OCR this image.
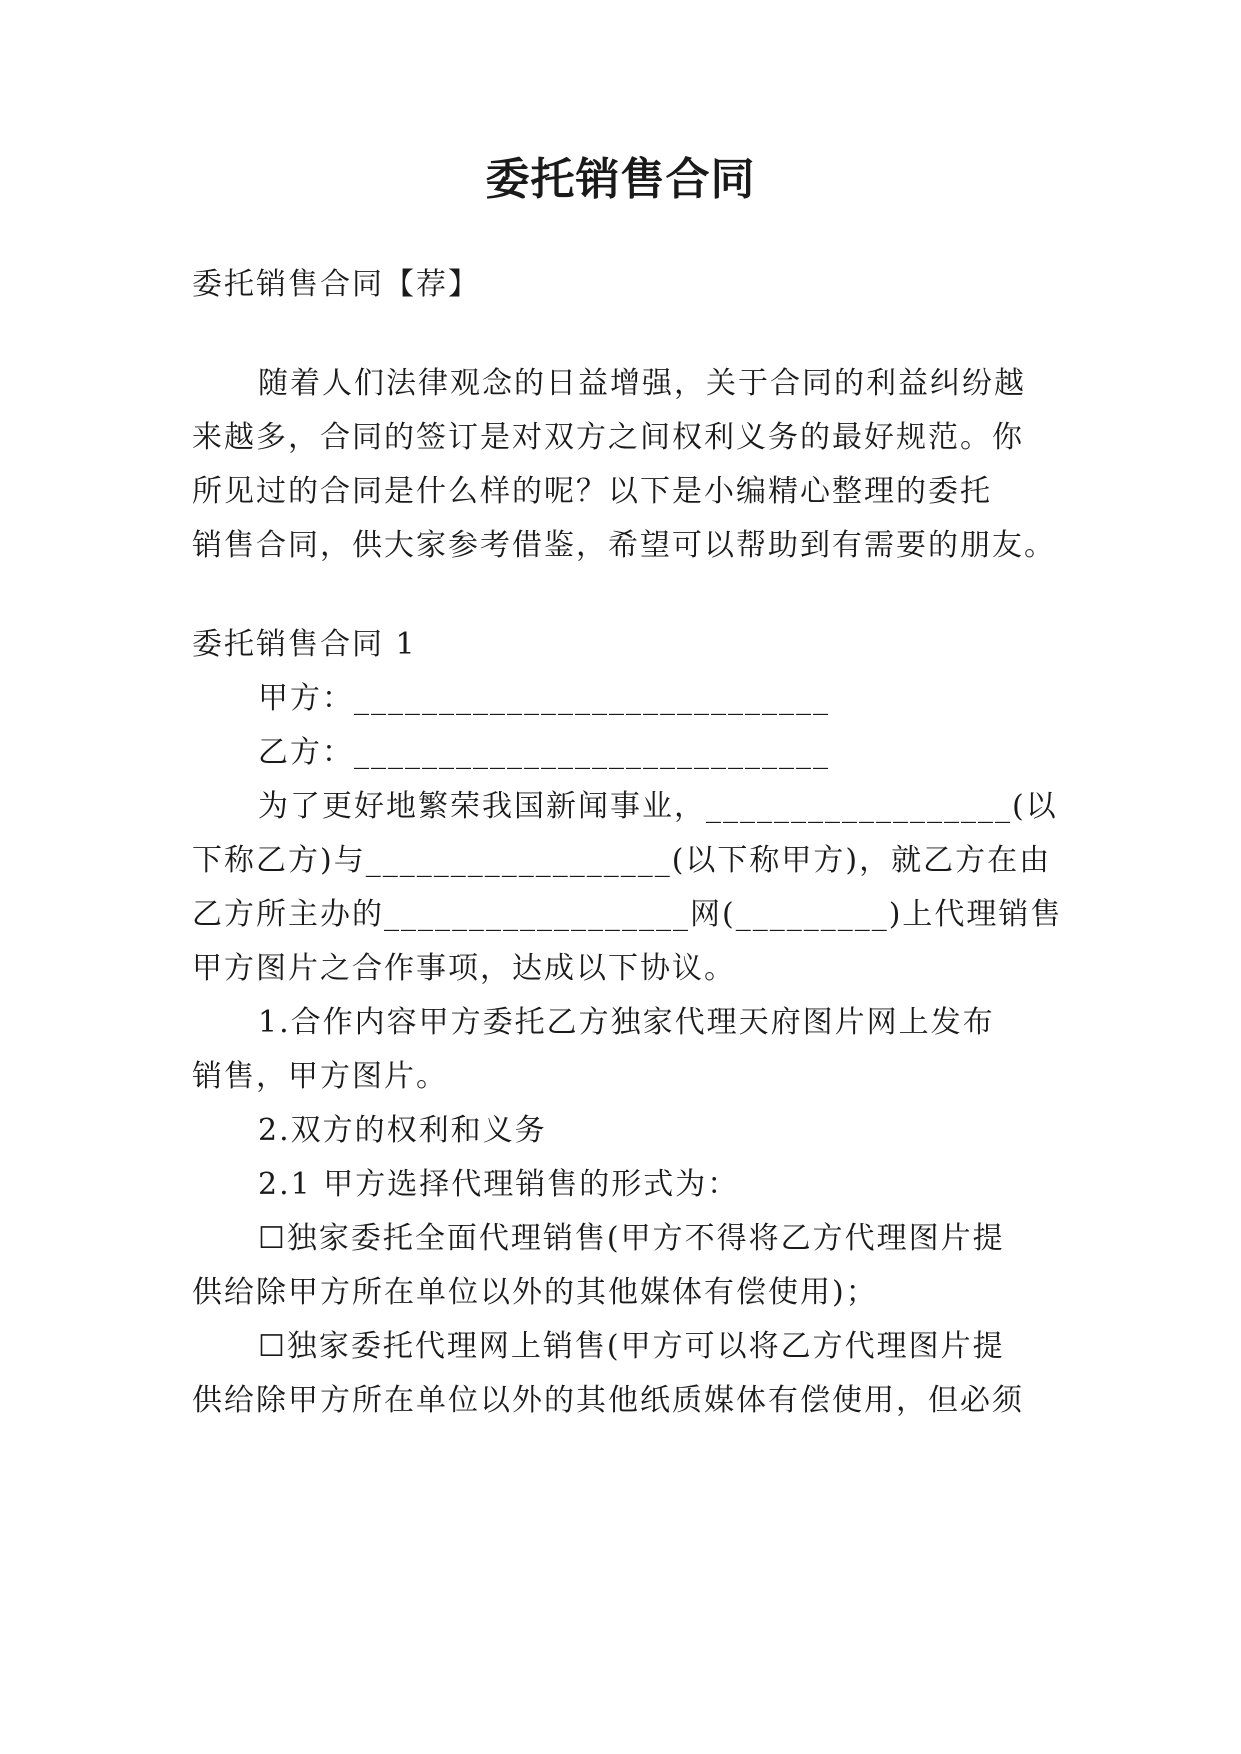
委托销售合同

委托销售合同【荐】

随着人们法律观念的日益增强，关于合同的利益纠纷越

来越多，合同的签订是对双方之间权利义务的最好规范。你

所见过的合同是什么样的呢？以下是小编精心整理的委托

销售合同，供大家参考借鉴，希望可以帮助到有需要的朋友。

委托销售合同 1

甲方：____________________________

乙方：____________________________

为了更好地繁荣我国新闻事业，__________________(以

下称乙方)与__________________(以下称甲方)，就乙方在由

乙方所主办的__________________网(_________)上代理销售

甲方图片之合作事项，达成以下协议。

1.合作内容甲方委托乙方独家代理天府图片网上发布

销售，甲方图片。

2.双方的权利和义务

2.1 甲方选择代理销售的形式为：

☐独家委托全面代理销售(甲方不得将乙方代理图片提

供给除甲方所在单位以外的其他媒体有偿使用)；

☐独家委托代理网上销售(甲方可以将乙方代理图片提

供给除甲方所在单位以外的其他纸质媒体有偿使用，但必须
